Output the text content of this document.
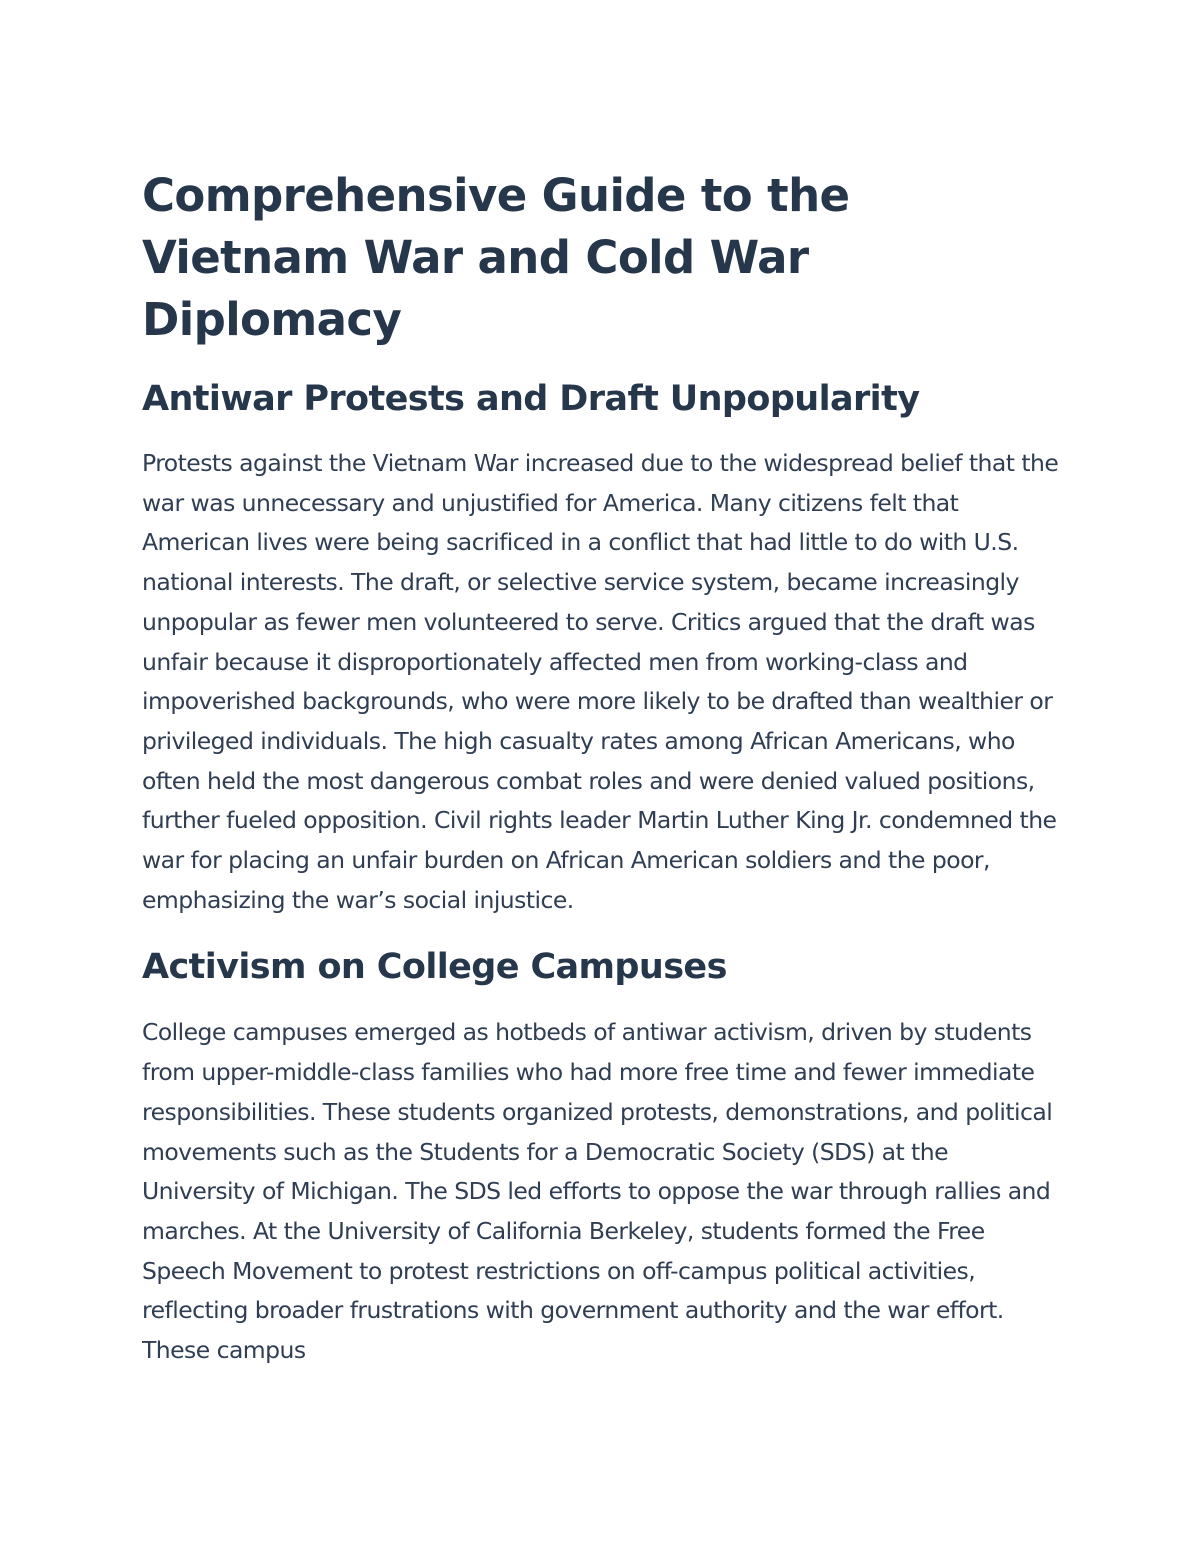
Comprehensive Guide to the Vietnam War and Cold War Diplomacy
Antiwar Protests and Draft Unpopularity

Protests against the Vietnam War increased due to the widespread belief that the war was unnecessary and unjustified for America. Many citizens felt that American lives were being sacrificed in a conflict that had little to do with U.S. national interests. The draft, or selective service system, became increasingly unpopular as fewer men volunteered to serve. Critics argued that the draft was unfair because it disproportionately affected men from working-class and impoverished backgrounds, who were more likely to be drafted than wealthier or privileged individuals. The high casualty rates among African Americans, who often held the most dangerous combat roles and were denied valued positions, further fueled opposition. Civil rights leader Martin Luther King Jr. condemned the war for placing an unfair burden on African American soldiers and the poor, emphasizing the war’s social injustice.

Activism on College Campuses

College campuses emerged as hotbeds of antiwar activism, driven by students from upper-middle-class families who had more free time and fewer immediate responsibilities. These students organized protests, demonstrations, and political movements such as the Students for a Democratic Society (SDS) at the University of Michigan. The SDS led efforts to oppose the war through rallies and marches. At the University of California Berkeley, students formed the Free Speech Movement to protest restrictions on off-campus political activities, reflecting broader frustrations with government authority and the war effort. These campus
